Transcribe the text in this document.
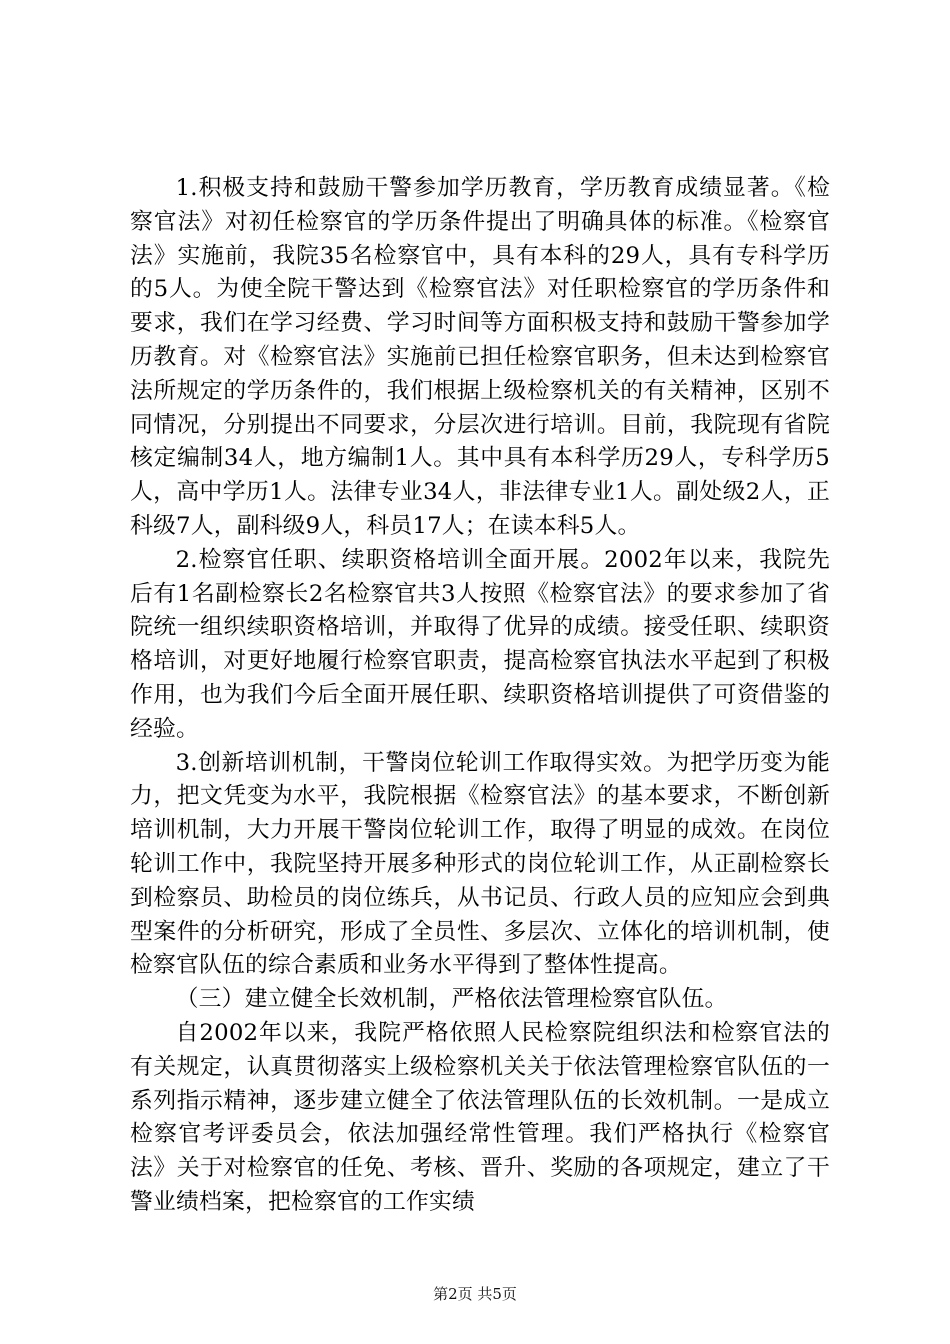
1.积极支持和鼓励干警参加学历教育，学历教育成绩显著。《检察官法》对初任检察官的学历条件提出了明确具体的标准。《检察官法》实施前，我院35名检察官中，具有本科的29人，具有专科学历的5人。为使全院干警达到《检察官法》对任职检察官的学历条件和要求，我们在学习经费、学习时间等方面积极支持和鼓励干警参加学历教育。对《检察官法》实施前已担任检察官职务，但未达到检察官法所规定的学历条件的，我们根据上级检察机关的有关精神，区别不同情况，分别提出不同要求，分层次进行培训。目前，我院现有省院核定编制34人，地方编制1人。其中具有本科学历29人，专科学历5人，高中学历1人。法律专业34人，非法律专业1人。副处级2人，正科级7人，副科级9人，科员17人；在读本科5人。

2.检察官任职、续职资格培训全面开展。2002年以来，我院先后有1名副检察长2名检察官共3人按照《检察官法》的要求参加了省院统一组织续职资格培训，并取得了优异的成绩。接受任职、续职资格培训，对更好地履行检察官职责，提高检察官执法水平起到了积极作用，也为我们今后全面开展任职、续职资格培训提供了可资借鉴的经验。

3.创新培训机制，干警岗位轮训工作取得实效。为把学历变为能力，把文凭变为水平，我院根据《检察官法》的基本要求，不断创新培训机制，大力开展干警岗位轮训工作，取得了明显的成效。在岗位轮训工作中，我院坚持开展多种形式的岗位轮训工作，从正副检察长到检察员、助检员的岗位练兵，从书记员、行政人员的应知应会到典型案件的分析研究，形成了全员性、多层次、立体化的培训机制，使检察官队伍的综合素质和业务水平得到了整体性提高。

（三）建立健全长效机制，严格依法管理检察官队伍。

自2002年以来，我院严格依照人民检察院组织法和检察官法的有关规定，认真贯彻落实上级检察机关关于依法管理检察官队伍的一系列指示精神，逐步建立健全了依法管理队伍的长效机制。一是成立检察官考评委员会，依法加强经常性管理。我们严格执行《检察官法》关于对检察官的任免、考核、晋升、奖励的各项规定，建立了干警业绩档案，把检察官的工作实绩

第2页 共5页
